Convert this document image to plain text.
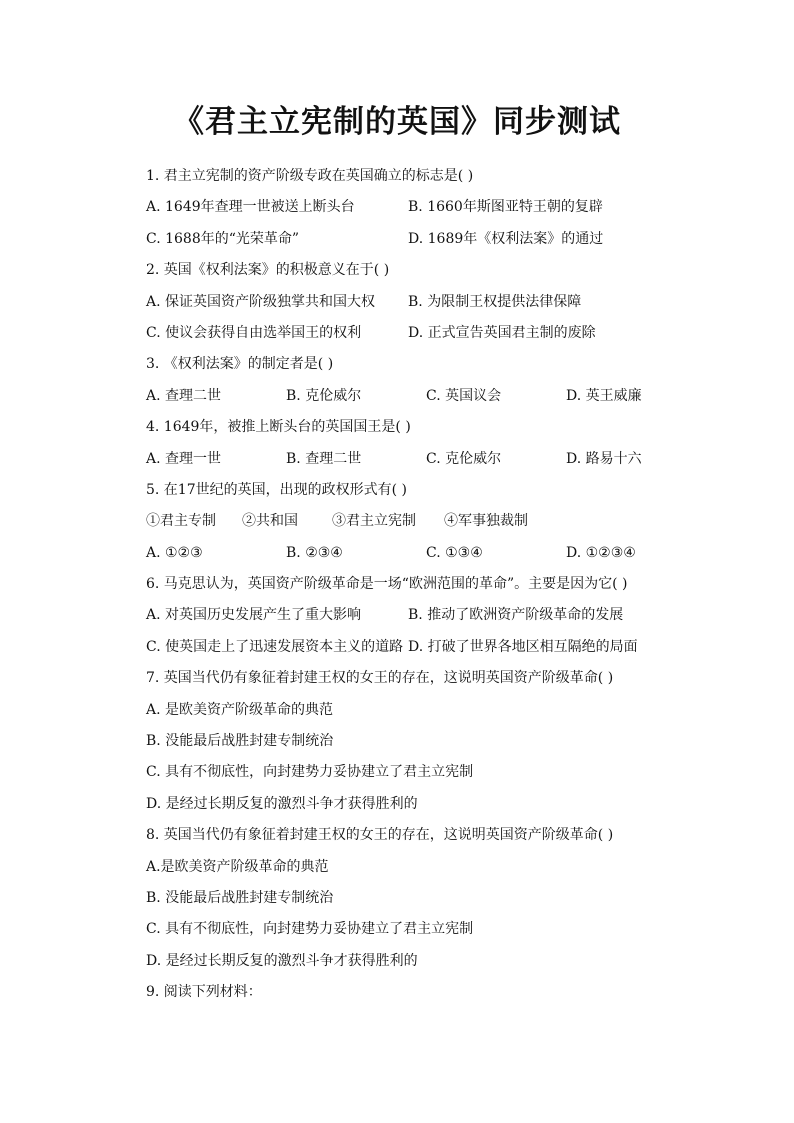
《君主立宪制的英国》同步测试
1. 君主立宪制的资产阶级专政在英国确立的标志是( )
A. 1649年查理一世被送上断头台	B. 1660年斯图亚特王朝的复辟
C. 1688年的“光荣革命”	D. 1689年《权利法案》的通过
2. 英国《权利法案》的积极意义在于( )
A. 保证英国资产阶级独掌共和国大权	B. 为限制王权提供法律保障
C. 使议会获得自由选举国王的权利	D. 正式宣告英国君主制的废除
3. 《权利法案》的制定者是( )
A. 查理二世	B. 克伦威尔	C. 英国议会	D. 英王威廉
4. 1649年，被推上断头台的英国国王是( )
A. 查理一世	B. 查理二世	C. 克伦威尔	D. 路易十六
5. 在17世纪的英国，出现的政权形式有( )
①君主专制	②共和国	③君主立宪制	④军事独裁制
A. ①②③	B. ②③④	C. ①③④	D. ①②③④
6. 马克思认为，英国资产阶级革命是一场“欧洲范围的革命”。主要是因为它( )
A. 对英国历史发展产生了重大影响	B. 推动了欧洲资产阶级革命的发展
C. 使英国走上了迅速发展资本主义的道路 D. 打破了世界各地区相互隔绝的局面
7. 英国当代仍有象征着封建王权的女王的存在，这说明英国资产阶级革命( )
A. 是欧美资产阶级革命的典范
B. 没能最后战胜封建专制统治
C. 具有不彻底性，向封建势力妥协建立了君主立宪制
D. 是经过长期反复的激烈斗争才获得胜利的
8. 英国当代仍有象征着封建王权的女王的存在，这说明英国资产阶级革命( )
A.是欧美资产阶级革命的典范
B. 没能最后战胜封建专制统治
C. 具有不彻底性，向封建势力妥协建立了君主立宪制
D. 是经过长期反复的激烈斗争才获得胜利的
9. 阅读下列材料：
